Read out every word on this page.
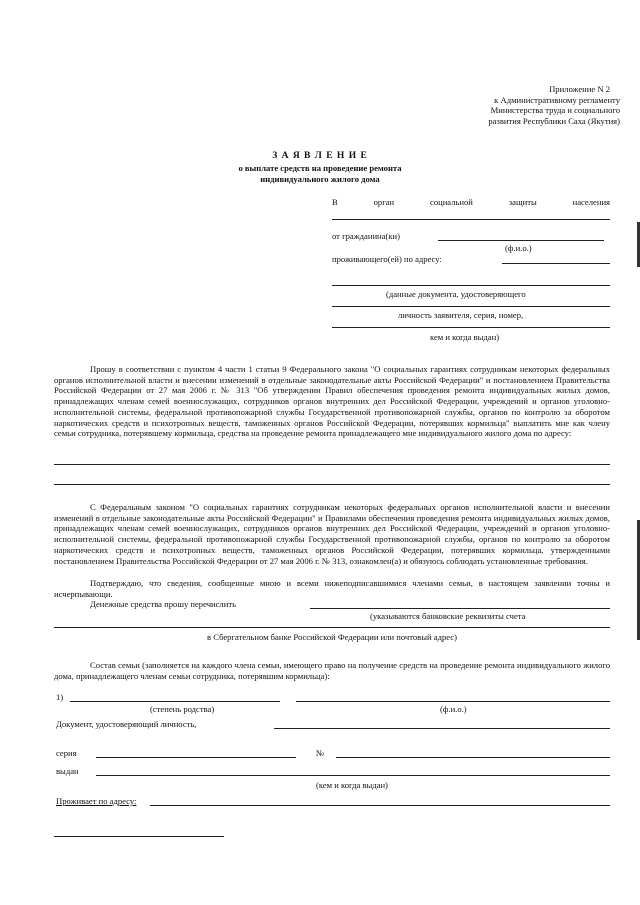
Приложение N 2
к Административному регламенту
Министерства труда и социального
развития Республики Саха (Якутия)
З А Я В Л Е Н И Е
о выплате средств на проведение ремонта
индивидуального жилого дома
В	орган	социальной	защиты	населения
от гражданина(ки)
(ф.и.о.)
проживающего(ей) по адресу:
(данные документа, удостоверяющего
личность заявителя, серия, номер,
кем и когда выдан)
Прошу в соответствии с пунктом 4 части 1 статьи 9 Федерального закона "О социальных гарантиях сотрудникам некоторых федеральных органов исполнительной власти и внесении изменений в отдельные законодательные акты Российской Федерации" и постановлением Правительства Российской Федерации от 27 мая 2006 г. № 313 "Об утверждении Правил обеспечения проведения ремонта индивидуальных жилых домов, принадлежащих членам семей военнослужащих, сотрудников органов внутренних дел Российской Федерации, учреждений и органов уголовно-исполнительной системы, федеральной противопожарной службы Государственной противопожарной службы, органов по контролю за оборотом наркотических средств и психотропных веществ, таможенных органов Российской Федерации, потерявших кормильца" выплатить мне как члену семьи сотрудника, потерявшему кормильца, средства на проведение ремонта принадлежащего мне индивидуального жилого дома по адресу:
С Федеральным законом "О социальных гарантиях сотрудникам некоторых федеральных органов исполнительной власти и внесении изменений в отдельные законодательные акты Российской Федерации" и Правилами обеспечения проведения ремонта индивидуальных жилых домов, принадлежащих членам семей военнослужащих, сотрудников органов внутренних дел Российской Федерации, учреждений и органов уголовно-исполнительной системы, федеральной противопожарной службы Государственной противопожарной службы, органов по контролю за оборотом наркотических средств и психотропных веществ, таможенных органов Российской Федерации, потерявших кормильца, утвержденными постановлением Правительства Российской Федерации от 27 мая 2006 г. № 313, ознакомлен(а) и обязуюсь соблюдать установленные требования.
Подтверждаю, что сведения, сообщенные мною и всеми нижеподписавшимися членами семьи, в настоящем заявлении точны и исчерпывающи.
Денежные средства прошу перечислить
(указываются банковские реквизиты счета
в Сбергательном банке Российской Федерации или почтовый адрес)
Состав семьи (заполняется на каждого члена семьи, имеющего право на получение средств на проведение ремонта индивидуального жилого дома, принадлежащего членам семьи сотрудника, потерявшим кормильца):
1)
(степень родства)	(ф.и.о.)
Документ, удостоверяющий личность,
серия	№
выдан
(кем и когда выдан)
Проживает по адресу:
